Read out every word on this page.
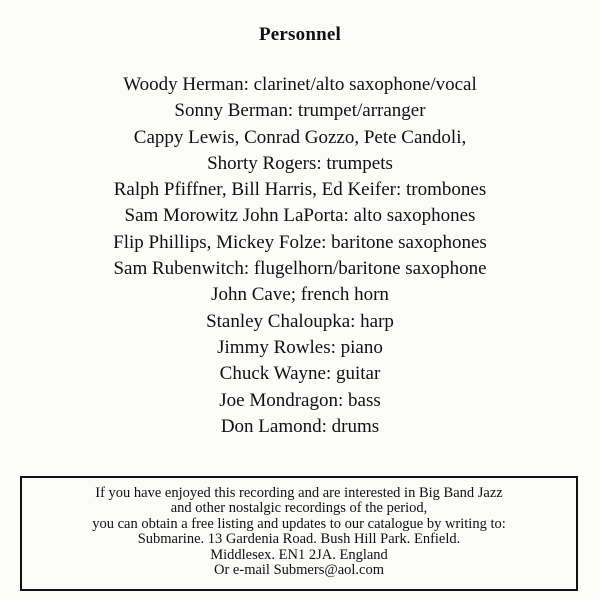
Personnel
Woody Herman: clarinet/alto saxophone/vocal
Sonny Berman: trumpet/arranger
Cappy Lewis, Conrad Gozzo, Pete Candoli,
Shorty Rogers: trumpets
Ralph Pfiffner, Bill Harris, Ed Keifer: trombones
Sam Morowitz John LaPorta: alto saxophones
Flip Phillips, Mickey Folze: baritone saxophones
Sam Rubenwitch: flugelhorn/baritone saxophone
John Cave; french horn
Stanley Chaloupka: harp
Jimmy Rowles: piano
Chuck Wayne: guitar
Joe Mondragon: bass
Don Lamond: drums
If you have enjoyed this recording and are interested in Big Band Jazz
and other nostalgic recordings of the period,
you can obtain a free listing and updates to our catalogue by writing to:
Submarine. 13 Gardenia Road. Bush Hill Park. Enfield.
Middlesex. EN1 2JA. England
Or e-mail Submers@aol.com
